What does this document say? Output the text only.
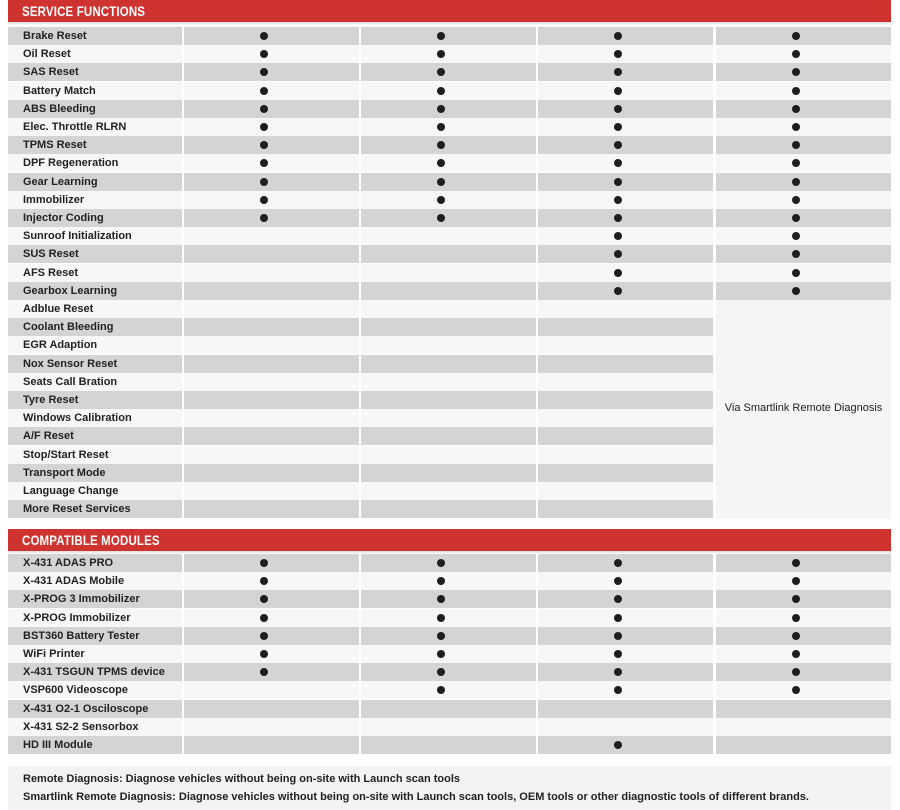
SERVICE FUNCTIONS
Brake Reset
Oil Reset
SAS Reset
Battery Match
ABS Bleeding
Elec. Throttle RLRN
TPMS Reset
DPF Regeneration
Gear Learning
Immobilizer
Injector Coding
Sunroof Initialization
SUS Reset
AFS Reset
Gearbox Learning
Adblue Reset
Coolant Bleeding
EGR Adaption
Nox Sensor Reset
Seats Call Bration
Tyre Reset
Windows Calibration
A/F Reset
Stop/Start Reset
Transport Mode
Language Change
More Reset Services
Via Smartlink Remote Diagnosis
COMPATIBLE MODULES
X-431 ADAS PRO
X-431 ADAS Mobile
X-PROG 3 Immobilizer
X-PROG Immobilizer
BST360 Battery Tester
WiFi Printer
X-431 TSGUN TPMS device
VSP600 Videoscope
X-431 O2-1 Osciloscope
X-431 S2-2 Sensorbox
HD III Module
Remote Diagnosis: Diagnose vehicles without being on-site with Launch scan tools
Smartlink Remote Diagnosis: Diagnose vehicles without being on-site with Launch scan tools, OEM tools or other diagnostic tools of different brands.
